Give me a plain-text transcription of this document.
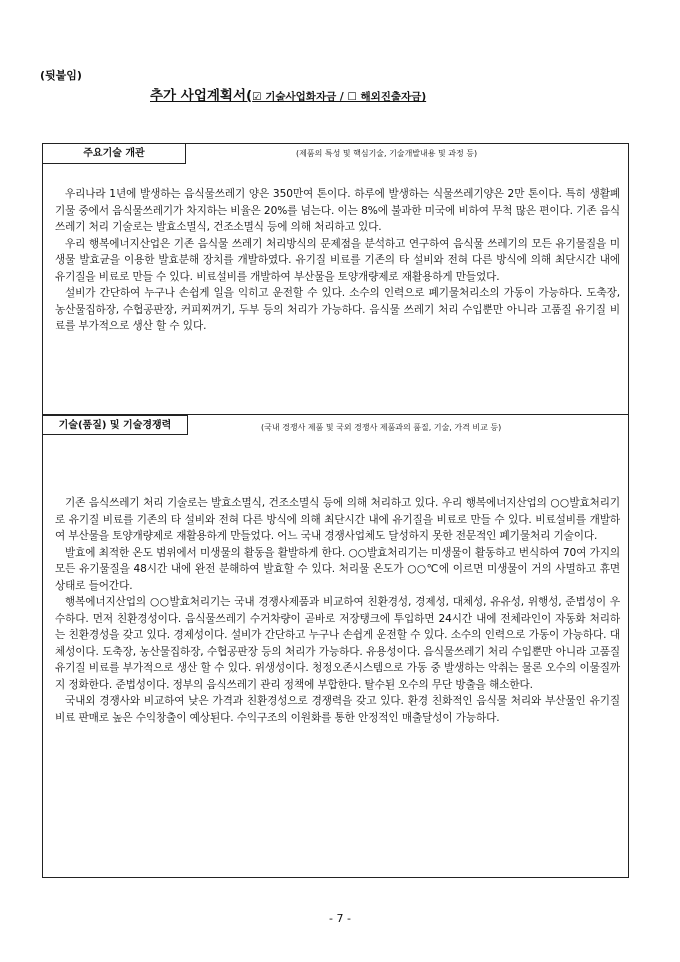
(뒷붙임)
추가 사업계획서(☑ 기술사업화자금 / ☐ 해외진출자금)
주요기술 개관	(제품의 특성 및 핵심기술, 기술개발내용 및 과정 등)

우리나라 1년에 발생하는 음식물쓰레기 양은 350만여 톤이다. 하루에 발생하는 식물쓰레기양은 2만 톤이다. 특히 생활폐기물 중에서 음식물쓰레기가 차지하는 비율은 20%를 넘는다. 이는 8%에 불과한 미국에 비하여 무척 많은 편이다. 기존 음식쓰레기 처리 기술로는 발효소멸식, 건조소멸식 등에 의해 처리하고 있다.

우리 행복에너지산업은 기존 음식물 쓰레기 처리방식의 문제점을 분석하고 연구하여 음식물 쓰레기의 모든 유기물질을 미생물 발효균을 이용한 발효분해 장치를 개발하였다. 유기질 비료를 기존의 타 설비와 전혀 다른 방식에 의해 최단시간 내에 유기질을 비료로 만들 수 있다. 비료설비를 개발하여 부산물을 토양개량제로 재활용하게 만들었다.

설비가 간단하여 누구나 손쉽게 일을 익히고 운전할 수 있다. 소수의 인력으로 폐기물처리소의 가동이 가능하다. 도축장, 농산물집하장, 수협공판장, 커피찌꺼기, 두부 등의 처리가 가능하다. 음식물 쓰레기 처리 수입뿐만 아니라 고품질 유기질 비료를 부가적으로 생산 할 수 있다.

기술(품질) 및 기술경쟁력	(국내 경쟁사 제품 및 국외 경쟁사 제품과의 품질, 기술, 가격 비교 등)

기존 음식쓰레기 처리 기술로는 발효소멸식, 건조소멸식 등에 의해 처리하고 있다. 우리 행복에너지산업의 ○○발효처리기로 유기질 비료를 기존의 타 설비와 전혀 다른 방식에 의해 최단시간 내에 유기질을 비료로 만들 수 있다. 비료설비를 개발하여 부산물을 토양개량제로 재활용하게 만들었다. 어느 국내 경쟁사업체도 달성하지 못한 전문적인 폐기물처리 기술이다.

발효에 최적한 온도 범위에서 미생물의 활동을 활발하게 한다. ○○발효처리기는 미생물이 활동하고 번식하여 70여 가지의 모든 유기물질을 48시간 내에 완전 분해하여 발효할 수 있다. 처리물 온도가 ○○℃에 이르면 미생물이 거의 사멸하고 휴면상태로 들어간다.

행복에너지산업의 ○○발효처리기는 국내 경쟁사제품과 비교하여 친환경성, 경제성, 대체성, 유유성, 위행성, 준법성이 우수하다. 먼저 친환경성이다. 음식물쓰레기 수거차량이 곧바로 저장탱크에 투입하면 24시간 내에 전체라인이 자동화 처리하는 친환경성을 갖고 있다. 경제성이다. 설비가 간단하고 누구나 손쉽게 운전할 수 있다. 소수의 인력으로 가동이 가능하다. 대체성이다. 도축장, 농산물집하장, 수협공판장 등의 처리가 가능하다. 유용성이다. 음식물쓰레기 처리 수입뿐만 아니라 고품질 유기질 비료를 부가적으로 생산 할 수 있다. 위생성이다. 청정오존시스템으로 가동 중 발생하는 악취는 물론 오수의 이물질까지 정화한다. 준법성이다. 정부의 음식쓰레기 관리 정책에 부합한다. 탈수된 오수의 무단 방출을 해소한다.

국내외 경쟁사와 비교하여 낮은 가격과 친환경성으로 경쟁력을 갖고 있다. 환경 친화적인 음식물 처리와 부산물인 유기질비료 판매로 높은 수익창출이 예상된다. 수익구조의 이원화를 통한 안정적인 매출달성이 가능하다.

- 7 -
